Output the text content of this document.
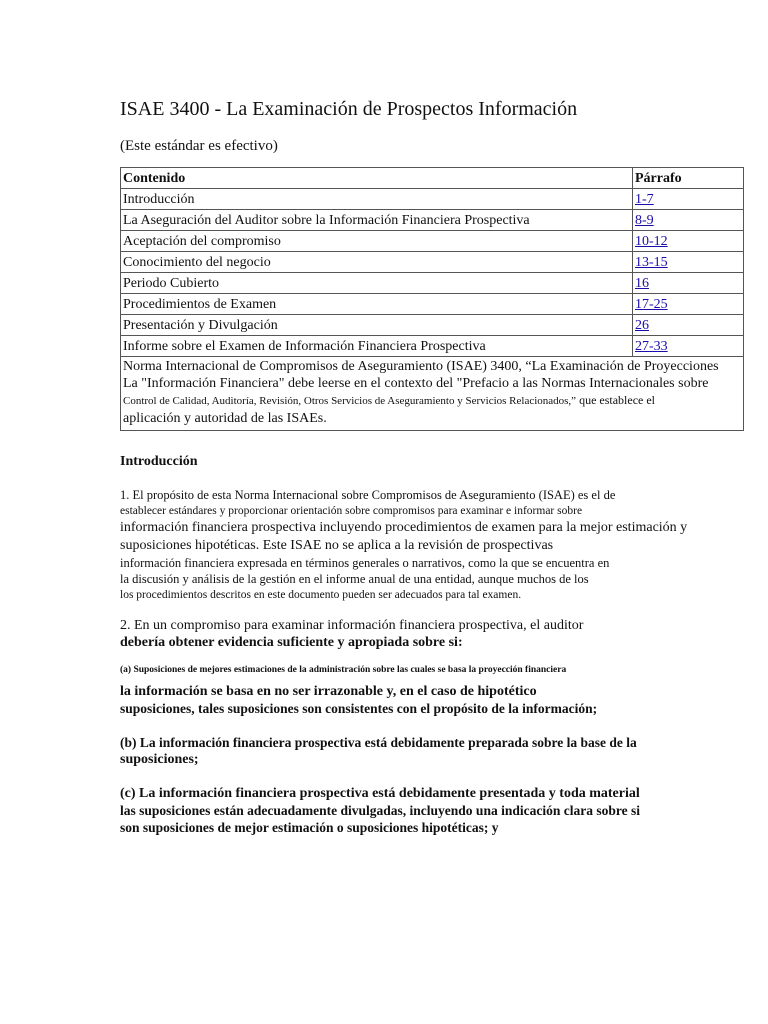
ISAE 3400 - La Examinación de Prospectos Información

(Este estándar es efectivo)

Contenido	Párrafo
Introducción	1-7
La Aseguración del Auditor sobre la Información Financiera Prospectiva	8-9
Aceptación del compromiso	10-12
Conocimiento del negocio	13-15
Periodo Cubierto	16
Procedimientos de Examen	17-25
Presentación y Divulgación	26
Informe sobre el Examen de Información Financiera Prospectiva	27-33

Norma Internacional de Compromisos de Aseguramiento (ISAE) 3400, “La Examinación de Proyecciones
La "Información Financiera" debe leerse en el contexto del "Prefacio a las Normas Internacionales sobre
Control de Calidad, Auditoría, Revisión, Otros Servicios de Aseguramiento y Servicios Relacionados,” que establece el
aplicación y autoridad de las ISAEs.	
Introducción
1. El propósito de esta Norma Internacional sobre Compromisos de Aseguramiento (ISAE) es el de
establecer estándares y proporcionar orientación sobre compromisos para examinar e informar sobre
información financiera prospectiva incluyendo procedimientos de examen para la mejor estimación y
suposiciones hipotéticas. Este ISAE no se aplica a la revisión de prospectivas
información financiera expresada en términos generales o narrativos, como la que se encuentra en
la discusión y análisis de la gestión en el informe anual de una entidad, aunque muchos de los
los procedimientos descritos en este documento pueden ser adecuados para tal examen.
2. En un compromiso para examinar información financiera prospectiva, el auditor
debería obtener evidencia suficiente y apropiada sobre si:
(a) Suposiciones de mejores estimaciones de la administración sobre las cuales se basa la proyección financiera
la información se basa en no ser irrazonable y, en el caso de hipotético
suposiciones, tales suposiciones son consistentes con el propósito de la información;
(b) La información financiera prospectiva está debidamente preparada sobre la base de la
suposiciones;
(c) La información financiera prospectiva está debidamente presentada y toda material
las suposiciones están adecuadamente divulgadas, incluyendo una indicación clara sobre si
son suposiciones de mejor estimación o suposiciones hipotéticas; y
